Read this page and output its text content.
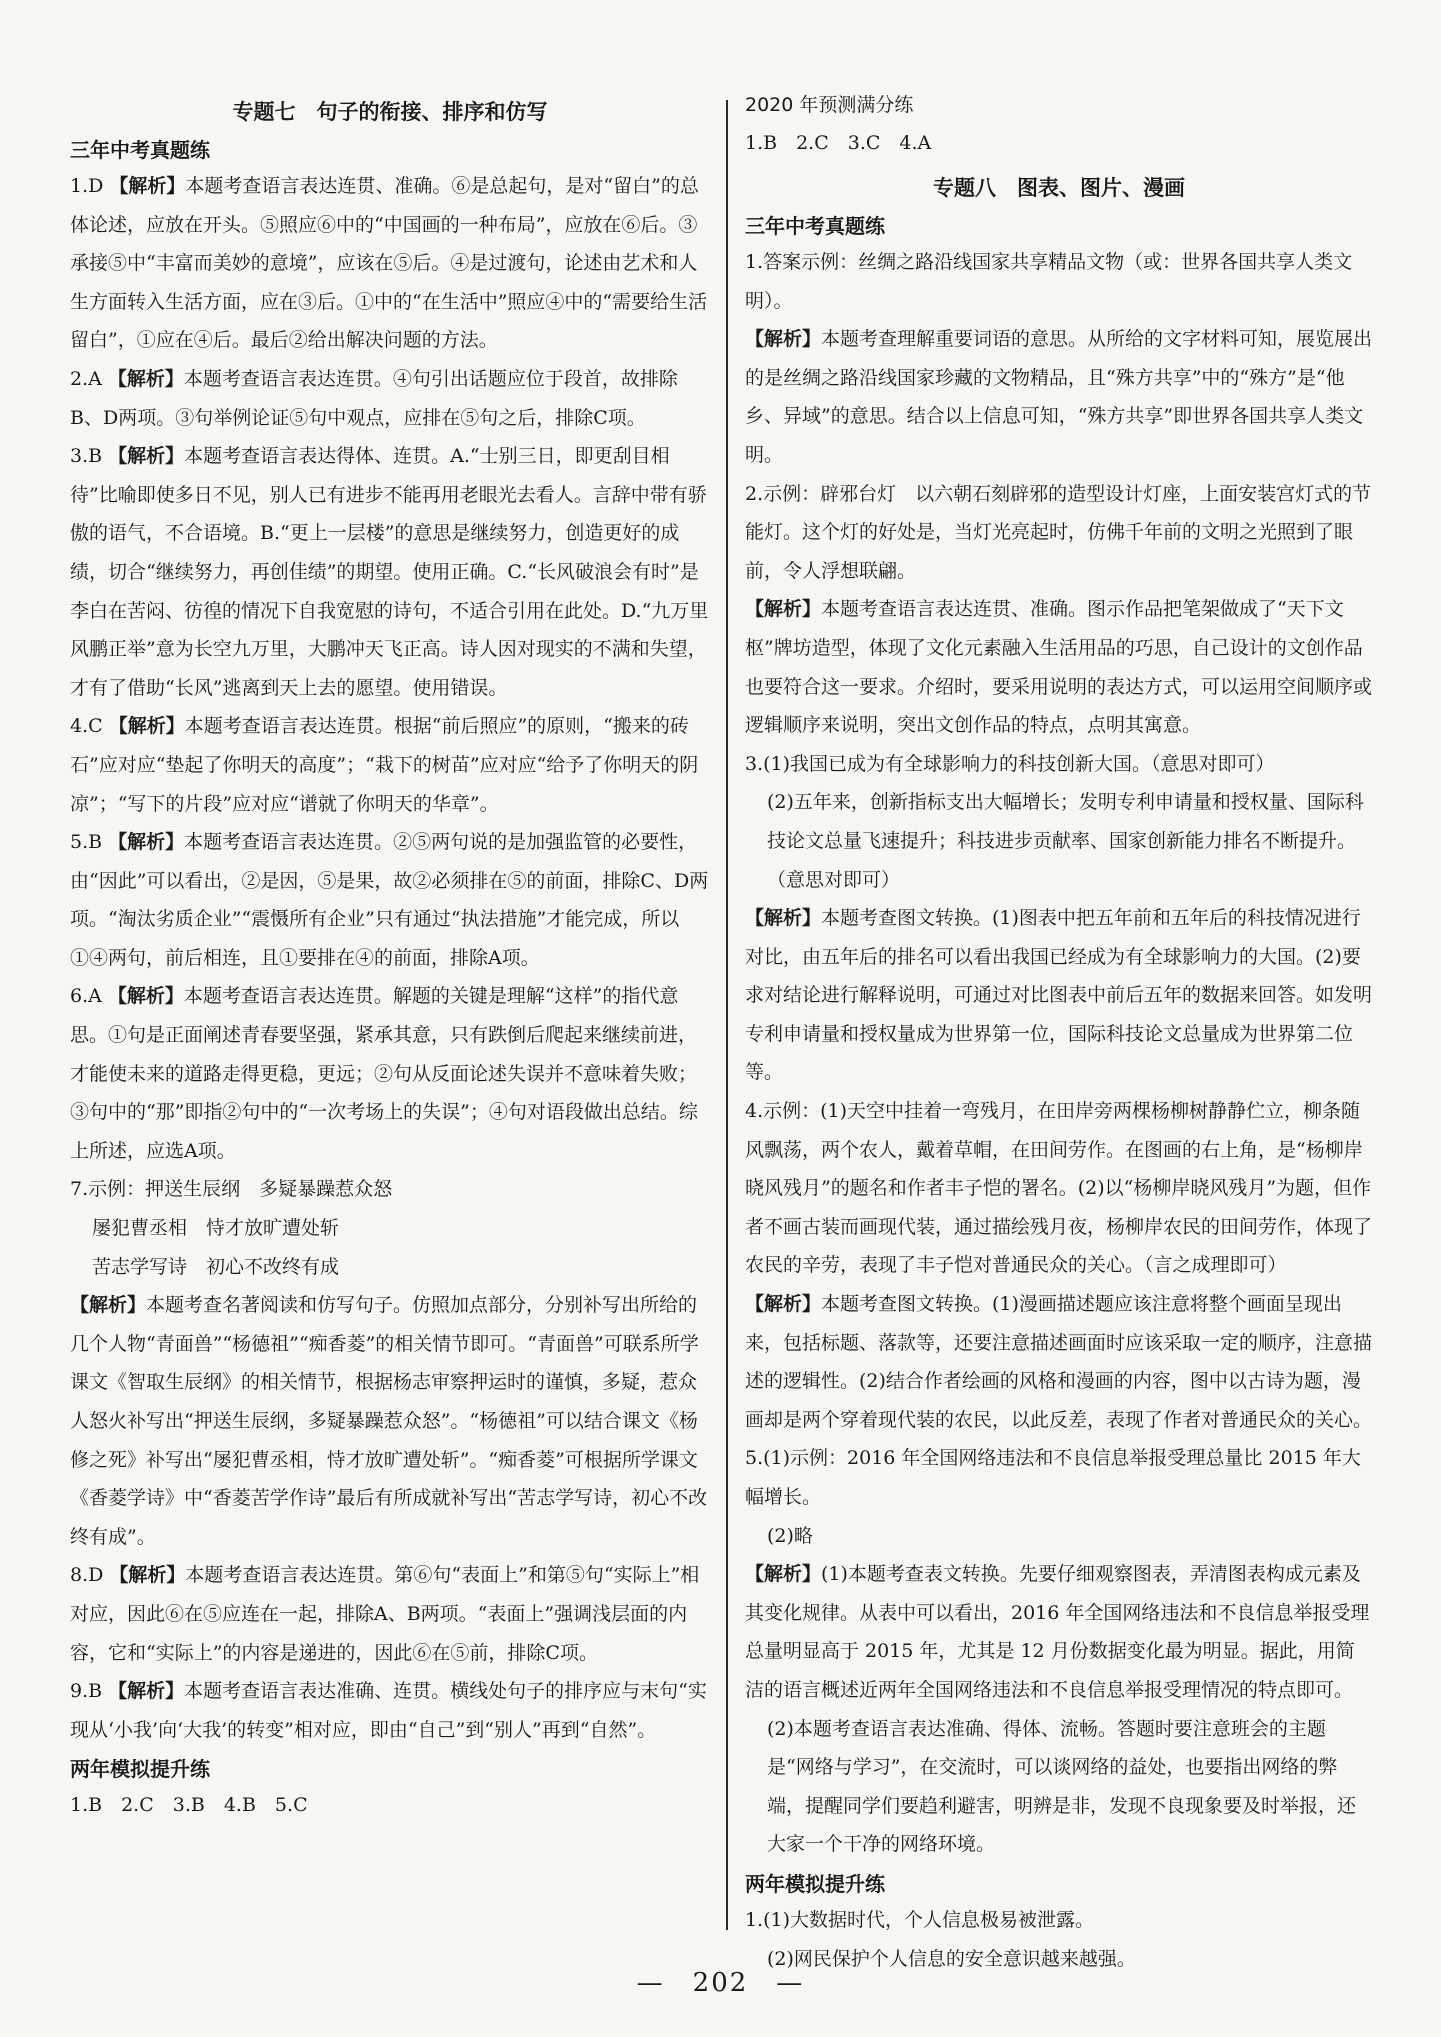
专题七　句子的衔接、排序和仿写
三年中考真题练
1.D 【解析】本题考查语言表达连贯、准确。⑥是总起句，是对“留白”的总体论述，应放在开头。⑤照应⑥中的“中国画的一种布局”，应放在⑥后。③承接⑤中“丰富而美妙的意境”，应该在⑤后。④是过渡句，论述由艺术和人生方面转入生活方面，应在③后。①中的“在生活中”照应④中的“需要给生活留白”，①应在④后。最后②给出解决问题的方法。
2.A 【解析】本题考查语言表达连贯。④句引出话题应位于段首，故排除B、D两项。③句举例论证⑤句中观点，应排在⑤句之后，排除C项。
3.B 【解析】本题考查语言表达得体、连贯。A.“士别三日，即更刮目相待”比喻即使多日不见，别人已有进步不能再用老眼光去看人。言辞中带有骄傲的语气，不合语境。B.“更上一层楼”的意思是继续努力，创造更好的成绩，切合“继续努力，再创佳绩”的期望。使用正确。C.“长风破浪会有时”是李白在苦闷、彷徨的情况下自我宽慰的诗句，不适合引用在此处。D.“九万里风鹏正举”意为长空九万里，大鹏冲天飞正高。诗人因对现实的不满和失望，才有了借助“长风”逃离到天上去的愿望。使用错误。
4.C 【解析】本题考查语言表达连贯。根据“前后照应”的原则，“搬来的砖石”应对应“垫起了你明天的高度”；“栽下的树苗”应对应“给予了你明天的阴凉”；“写下的片段”应对应“谱就了你明天的华章”。
5.B 【解析】本题考查语言表达连贯。②⑤两句说的是加强监管的必要性，由“因此”可以看出，②是因，⑤是果，故②必须排在⑤的前面，排除C、D两项。“淘汰劣质企业”“震慑所有企业”只有通过“执法措施”才能完成，所以①④两句，前后相连，且①要排在④的前面，排除A项。
6.A 【解析】本题考查语言表达连贯。解题的关键是理解“这样”的指代意思。①句是正面阐述青春要坚强，紧承其意，只有跌倒后爬起来继续前进，才能使未来的道路走得更稳，更远；②句从反面论述失误并不意味着失败；③句中的“那”即指②句中的“一次考场上的失误”；④句对语段做出总结。综上所述，应选A项。

7.示例：押送生辰纲　多疑暴躁惹众怒

屡犯曹丞相　恃才放旷遭处斩

苦志学写诗　初心不改终有成

【解析】本题考查名著阅读和仿写句子。仿照加点部分，分别补写出所给的几个人物“青面兽”“杨德祖”“痴香菱”的相关情节即可。“青面兽”可联系所学课文《智取生辰纲》的相关情节，根据杨志审察押运时的谨慎，多疑，惹众人怒火补写出“押送生辰纲，多疑暴躁惹众怒”。“杨德祖”可以结合课文《杨修之死》补写出“屡犯曹丞相，恃才放旷遭处斩”。“痴香菱”可根据所学课文《香菱学诗》中“香菱苦学作诗”最后有所成就补写出“苦志学写诗，初心不改终有成”。

8.D 【解析】本题考查语言表达连贯。第⑥句“表面上”和第⑤句“实际上”相对应，因此⑥在⑤应连在一起，排除A、B两项。“表面上”强调浅层面的内容，它和“实际上”的内容是递进的，因此⑥在⑤前，排除C项。
9.B 【解析】本题考查语言表达准确、连贯。横线处句子的排序应与末句“实现从‘小我’向‘大我’的转变”相对应，即由“自己”到“别人”再到“自然”。
两年模拟提升练
1.B　2.C　3.B　4.B　5.C
2020 年预测满分练
1.B　2.C　3.C　4.A
专题八　图表、图片、漫画
三年中考真题练

1.答案示例：丝绸之路沿线国家共享精品文物（或：世界各国共享人类文明）。

【解析】本题考查理解重要词语的意思。从所给的文字材料可知，展览展出的是丝绸之路沿线国家珍藏的文物精品，且“殊方共享”中的“殊方”是“他乡、异域”的意思。结合以上信息可知，“殊方共享”即世界各国共享人类文明。

2.示例：辟邪台灯　以六朝石刻辟邪的造型设计灯座，上面安装宫灯式的节能灯。这个灯的好处是，当灯光亮起时，仿佛千年前的文明之光照到了眼前，令人浮想联翩。

【解析】本题考查语言表达连贯、准确。图示作品把笔架做成了“天下文枢”牌坊造型，体现了文化元素融入生活用品的巧思，自己设计的文创作品也要符合这一要求。介绍时，要采用说明的表达方式，可以运用空间顺序或逻辑顺序来说明，突出文创作品的特点，点明其寓意。

3.(1)我国已成为有全球影响力的科技创新大国。（意思对即可）

(2)五年来，创新指标支出大幅增长；发明专利申请量和授权量、国际科技论文总量飞速提升；科技进步贡献率、国家创新能力排名不断提升。（意思对即可）

【解析】本题考查图文转换。(1)图表中把五年前和五年后的科技情况进行对比，由五年后的排名可以看出我国已经成为有全球影响力的大国。(2)要求对结论进行解释说明，可通过对比图表中前后五年的数据来回答。如发明专利申请量和授权量成为世界第一位，国际科技论文总量成为世界第二位等。

4.示例：(1)天空中挂着一弯残月，在田岸旁两棵杨柳树静静伫立，柳条随风飘荡，两个农人，戴着草帽，在田间劳作。在图画的右上角，是“杨柳岸晓风残月”的题名和作者丰子恺的署名。(2)以“杨柳岸晓风残月”为题，但作者不画古装而画现代装，通过描绘残月夜，杨柳岸农民的田间劳作，体现了农民的辛劳，表现了丰子恺对普通民众的关心。（言之成理即可）

【解析】本题考查图文转换。(1)漫画描述题应该注意将整个画面呈现出来，包括标题、落款等，还要注意描述画面时应该采取一定的顺序，注意描述的逻辑性。(2)结合作者绘画的风格和漫画的内容，图中以古诗为题，漫画却是两个穿着现代装的农民，以此反差，表现了作者对普通民众的关心。

5.(1)示例：2016 年全国网络违法和不良信息举报受理总量比 2015 年大幅增长。

(2)略

【解析】(1)本题考查表文转换。先要仔细观察图表，弄清图表构成元素及其变化规律。从表中可以看出，2016 年全国网络违法和不良信息举报受理总量明显高于 2015 年，尤其是 12 月份数据变化最为明显。据此，用简洁的语言概述近两年全国网络违法和不良信息举报受理情况的特点即可。

(2)本题考查语言表达准确、得体、流畅。答题时要注意班会的主题是“网络与学习”，在交流时，可以谈网络的益处，也要指出网络的弊端，提醒同学们要趋利避害，明辨是非，发现不良现象要及时举报，还大家一个干净的网络环境。

两年模拟提升练

1.(1)大数据时代，个人信息极易被泄露。

(2)网民保护个人信息的安全意识越来越强。

—　202　—
